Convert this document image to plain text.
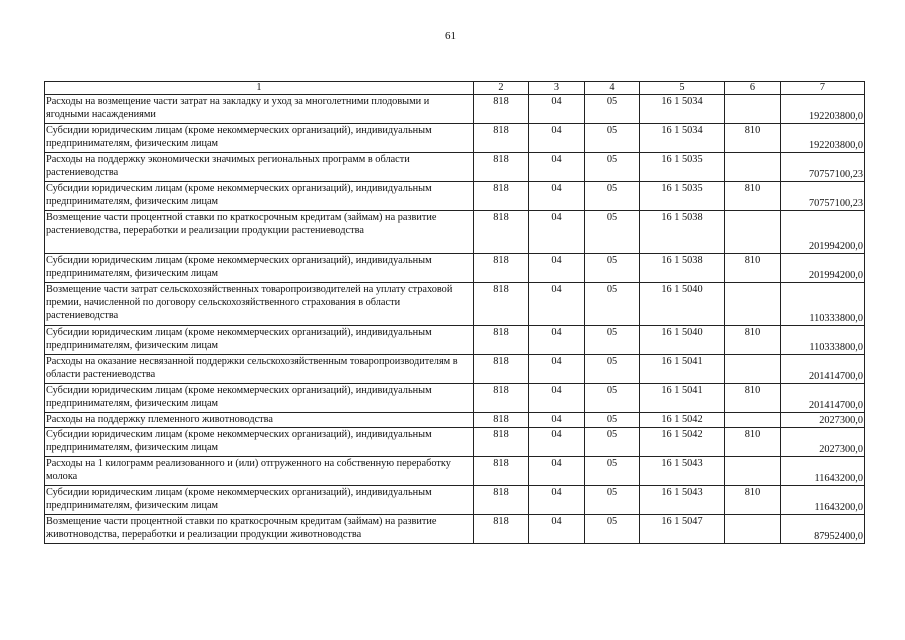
61
1	2	3	4	5	6	7
Расходы на возмещение части затрат на закладку и уход за многолетними плодовыми и ягодными насаждениями	818	04	05	16 1 5034		192203800,0
Субсидии юридическим лицам (кроме некоммерческих организаций), индивидуальным предпринимателям, физическим лицам	818	04	05	16 1 5034	810	192203800,0
Расходы на поддержку экономически значимых региональных программ в области растениеводства	818	04	05	16 1 5035		70757100,23
Субсидии юридическим лицам (кроме некоммерческих организаций), индивидуальным предпринимателям, физическим лицам	818	04	05	16 1 5035	810	70757100,23
Возмещение части процентной ставки по краткосрочным кредитам (займам) на развитие растениеводства, переработки и реализации продукции растениеводства	818	04	05	16 1 5038		201994200,0
Субсидии юридическим лицам (кроме некоммерческих организаций), индивидуальным предпринимателям, физическим лицам	818	04	05	16 1 5038	810	201994200,0
Возмещение части затрат сельскохозяйственных товаропроизводителей на уплату страховой премии, начисленной по договору сельскохозяйственного страхования в области растениеводства	818	04	05	16 1 5040		110333800,0
Субсидии юридическим лицам (кроме некоммерческих организаций), индивидуальным предпринимателям, физическим лицам	818	04	05	16 1 5040	810	110333800,0
Расходы на оказание несвязанной поддержки сельскохозяйственным товаропроизводителям в области растениеводства	818	04	05	16 1 5041		201414700,0
Субсидии юридическим лицам (кроме некоммерческих организаций), индивидуальным предпринимателям, физическим лицам	818	04	05	16 1 5041	810	201414700,0
Расходы на поддержку племенного животноводства	818	04	05	16 1 5042		2027300,0
Субсидии юридическим лицам (кроме некоммерческих организаций), индивидуальным предпринимателям, физическим лицам	818	04	05	16 1 5042	810	2027300,0
Расходы на 1 килограмм реализованного и (или) отгруженного на собственную переработку молока	818	04	05	16 1 5043		11643200,0
Субсидии юридическим лицам (кроме некоммерческих организаций), индивидуальным предпринимателям, физическим лицам	818	04	05	16 1 5043	810	11643200,0
Возмещение части процентной ставки по краткосрочным кредитам (займам) на развитие животноводства, переработки и реализации продукции животноводства	818	04	05	16 1 5047		87952400,0
